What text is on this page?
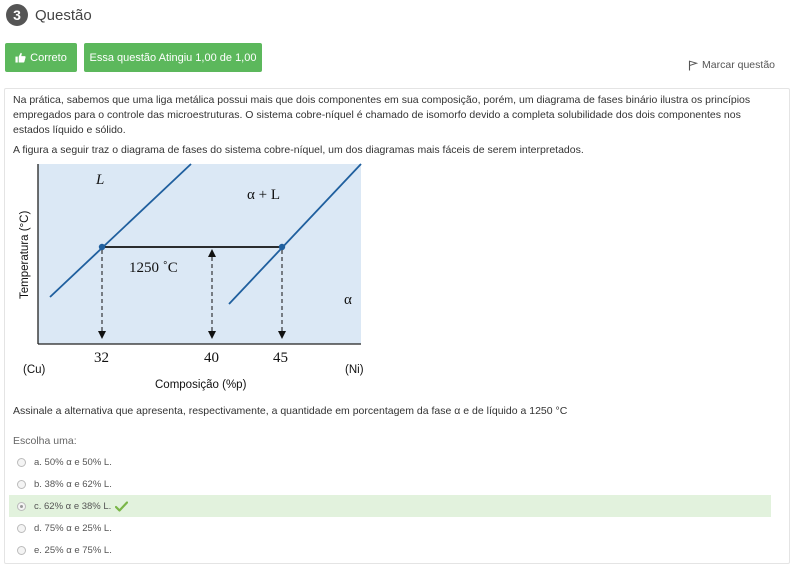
3 Questão
Correto Essa questão Atingiu 1,00 de 1,00
Marcar questão
Na prática, sabemos que uma liga metálica possui mais que dois componentes em sua composição, porém, um diagrama de fases binário ilustra os princípios empregados para o controle das microestruturas. O sistema cobre-níquel é chamado de isomorfo devido a completa solubilidade dos dois componentes nos estados líquido e sólido.
A figura a seguir traz o diagrama de fases do sistema cobre-níquel, um dos diagramas mais fáceis de serem interpretados.
L
α + L
α
1250 ˚C
32	40	45
(Cu)	(Ni)
Composição (%p)
Temperatura (°C)
Assinale a alternativa que apresenta, respectivamente, a quantidade em porcentagem da fase α e de líquido a 1250 °C
Escolha uma:
a. 50% α e 50% L.
b. 38% α e 62% L.
c. 62% α e 38% L.
d. 75% α e 25% L.
e. 25% α e 75% L.
